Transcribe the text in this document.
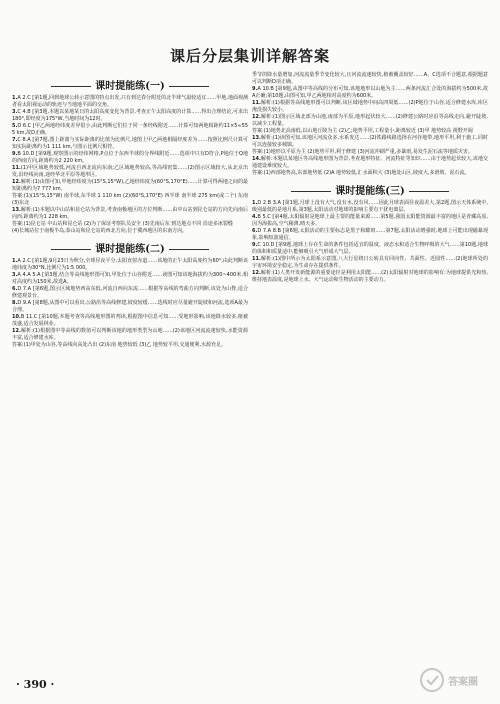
课后分层集训详解答案
课时提能练(一)

1.A 2.C [第1题,回到地球公转示意图的特点出发,只有到达春分附近的北半球气温较适宜……甲地,地面观测者看太阳视运动的轨迹与当地地平面的交角。

3.C 4.B [第3题,本题以某地某日的太阳高度变化为背景,考查正午太阳高度的计算……得出合理结论,可求出180°,即经度为175°W,当地时间为12时。

5.D 6.C [甲乙两地经纬度差异很小,由此判断它们位于同一条经线附近……计算可知两地相距约11×5≈555 km,故D正确。

7.C 8.A [第7题,图上距离与实际距离的比值为比例尺,地图上甲乙两地相隔经度差为……按照比例尺计算可知实际距离约为1 111 km,与图示比例尺相符。

9.B 10.D [第9题,观察图示的经纬网格,P点位于东西半球的分界线附近……选项中只有D符合,P地位于Q地的西南方向,距离约为2 220 km。

11.(1)甲区域地势较低,河流自西北流向东南;乙区域地势较高,等高线密集……(2)图示区域较大,从北京出发,沿经线向南,途经华北平原等地形区。

12.解析:(1)由图可知,甲地经纬度为(15°S,15°W),乙地经纬度为(60°S,170°E)……计算可得两地之间的最短距离约为7 777 km。

答案:(1)(15°S,15°W) 南半球,东半球 1 110 km (2)(60°S,170°E) 西半球 南半球 275 km(或二个) 东南 (3)东北

13.解析:(1)本题以中山站和昆仑站为背景,考查南极地区的方位判断……由中山站到昆仑站的方向先向南后向西,距离约为1 228 km。

答案:(1)昆仑站 中山站和昆仑站 (2)为了保证考察队员安全 (3)先南后东 到达地点不同 沿途多冰裂缝

(4)长城站位于南极半岛,泰山站和昆仑站的西北方向,位于冀西地区的东南方向。

课时提能练(二)

1.A 2.C [第1题,9月23日为秋分,全球昼夜平分,太阳直射赤道……该地的正午太阳高度约为60°,由此判断该地纬度为30°N,比例尺为1:5 000。

3.A 4.A 5.A [第3题,结合等高线地形图可知,甲处位于山谷附近……读图可知该地海拔约为300~400米,相对高度约为150米,故选A。

6.D 7.A [第6题,图示区域地势西高东低,河流自西向东流……根据等高线的弯曲方向判断,该处为山脊,适合修建观景台。

8.D 9.A [第8题,从图中可以看出,公路沿等高线修建,坡度较缓……选线时应尽量避开陡坡和河流,选项A最为合理。

10.B 11.C [第10题,本题考查等高线地形图的判读,根据图中信息可知……受地形影响,该地降水较多,植被茂盛,适合发展林业。

12.解析:(1)根据图中等高线的数值可以判断该地的地形类型为山地……(2)该地区河流流速较快,水能资源丰富,适合修建水库。

答案:(1)甲处为山谷,等高线向高处凸出 (2)东南 地势较低 (3)乙 地势较平坦,交通便利,水源充足。

季节的降水量增加,河流流量季节变化较大,且河流流速较快,植被覆盖较好……A、C选项不合题意,根据题意可以判断D项正确。

9.A 10.B [第9题,从图中等高线的分布可知,该地地形以山地为主……两条河流汇合处的海拔约为500米,故A正确;第10题,由图可知,甲乙两地相对高度约为600米。

11.解析:(1)根据等高线地形图可以判断,该区域地势中间高四周低……(2)P地位于山谷,适合修建水库,库区淹没损失较小。

12.解析:(1)图示区域北部为山地,南部为平原,地形起伏较大……(2)修建公路时应沿等高线走向,避开陡坡,以减少工程量。

答案:(1)地势北高南低,以山地丘陵为主 (2)乙;地势平坦,工程量小,距离较近 (3)甲 地势较高 视野开阔

13.解析:(1)读图可知,该地区河流众多,水系发达……(2)铁路线路选择在河谷地带,地形平坦,利于施工,同时可以连接较多城镇。

答案:(1)地形以平原为主 (2)地势平坦,利于修建 (3)河流冲刷严重,多暴雨,易发生泥石流等地质灾害。

14.解析:本题以某地区等高线地形图为背景,考查地形特征、河流特征等知识……由于地势起伏较大,该地交通建设难度较大。

答案:(1)西部地势高,东部地势低 (2)A 地势较低,汇水面积大 (3)地处山区,坡度大,多滑坡、泥石流。

课时提能练(三)

1.D 2.B 3.A [第1题,月球上没有大气,没有水,没有风……因此月球表面昼夜温差大,第2题,图示天体系统中,级别最低的是地月系,第3题,太阳活动对地球的影响主要有干扰电离层。

4.B 5.C [第4题,太阳辐射是地球上最主要的能量来源……第5题,我国太阳能资源最丰富的地区是青藏高原,因为海拔高,空气稀薄,晴天多。

6.D 7.A 8.B [第6题,太阳活动的主要标志是黑子和耀斑……第7题,太阳活动增强时,地球上可能出现磁暴现象,影响短波通信。

9.C 10.D [第9题,地球上存在生命的条件包括适宜的温度、液态水和适合生物呼吸的大气……第10题,地球的体积和质量适中,能够吸引大气形成大气层。

11.解析:(1)图中所示为太阳系示意图,八大行星绕日公转具有同向性、共面性、近圆性……(2)地球所处的宇宙环境安全稳定,为生命存在提供条件。

12.解析:(1)人类开发新能源的重要途径是利用太阳能……(2)太阳辐射对地球的影响有:为地球提供光和热,维持地表温度,是地球上水、大气运动和生物活动的主要动力。

· 390 ·	答案圈
